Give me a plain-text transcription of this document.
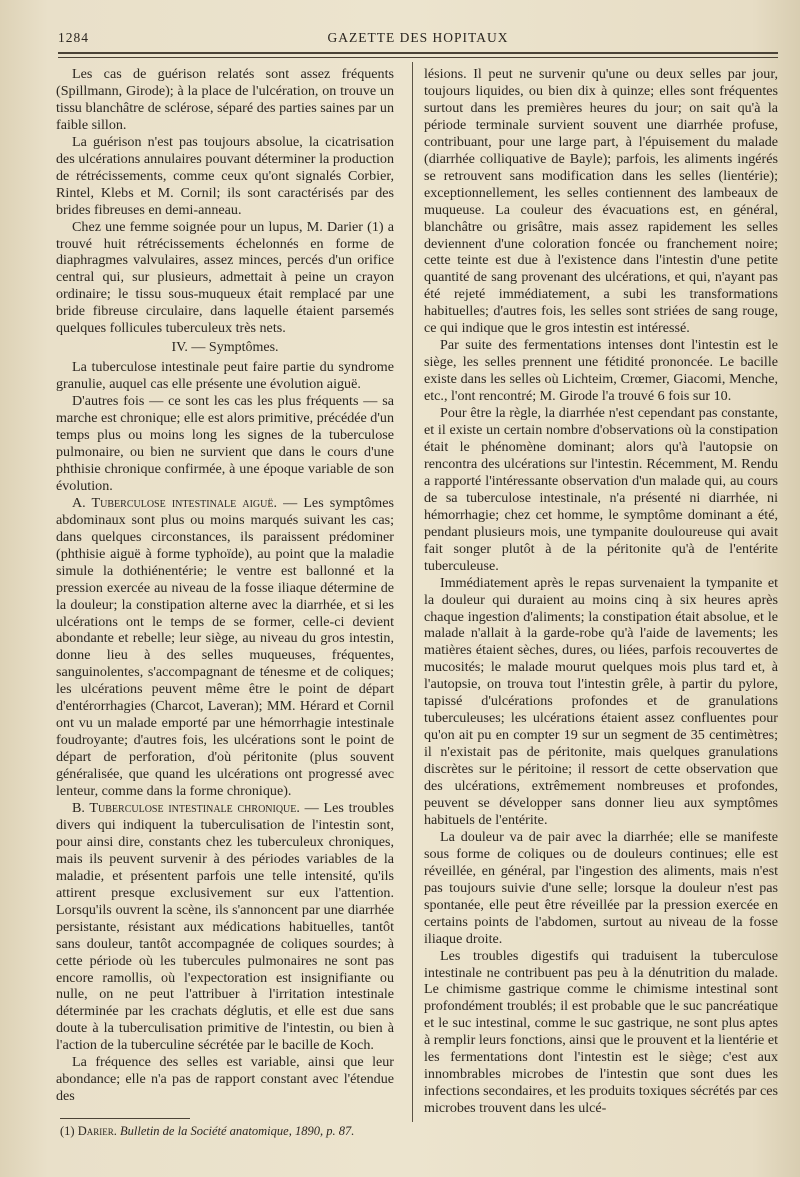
1284	GAZETTE DES HOPITAUX

Les cas de guérison relatés sont assez fréquents (Spillmann, Girode); à la place de l'ulcération, on trouve un tissu blanchâtre de sclérose, séparé des parties saines par un faible sillon.

La guérison n'est pas toujours absolue, la cicatrisation des ulcérations annulaires pouvant déterminer la production de rétrécissements, comme ceux qu'ont signalés Corbier, Rintel, Klebs et M. Cornil; ils sont caractérisés par des brides fibreuses en demi-anneau.

Chez une femme soignée pour un lupus, M. Darier (1) a trouvé huit rétrécissements échelonnés en forme de diaphragmes valvulaires, assez minces, percés d'un orifice central qui, sur plusieurs, admettait à peine un crayon ordinaire; le tissu sous-muqueux était remplacé par une bride fibreuse circulaire, dans laquelle étaient parsemés quelques follicules tuberculeux très nets.

IV. — Symptômes.

La tuberculose intestinale peut faire partie du syndrome granulie, auquel cas elle présente une évolution aiguë.

D'autres fois — ce sont les cas les plus fréquents — sa marche est chronique; elle est alors primitive, précédée d'un temps plus ou moins long les signes de la tuberculose pulmonaire, ou bien ne survient que dans le cours d'une phthisie chronique confirmée, à une époque variable de son évolution.

A. Tuberculose intestinale aiguë. — Les symptômes abdominaux sont plus ou moins marqués suivant les cas; dans quelques circonstances, ils paraissent prédominer (phthisie aiguë à forme typhoïde), au point que la maladie simule la dothiénentérie; le ventre est ballonné et la pression exercée au niveau de la fosse iliaque détermine de la douleur; la constipation alterne avec la diarrhée, et si les ulcérations ont le temps de se former, celle-ci devient abondante et rebelle; leur siège, au niveau du gros intestin, donne lieu à des selles muqueuses, fréquentes, sanguinolentes, s'accompagnant de ténesme et de coliques; les ulcérations peuvent même être le point de départ d'entérorrhagies (Charcot, Laveran); MM. Hérard et Cornil ont vu un malade emporté par une hémorrhagie intestinale foudroyante; d'autres fois, les ulcérations sont le point de départ de perforation, d'où péritonite (plus souvent généralisée, que quand les ulcérations ont progressé avec lenteur, comme dans la forme chronique).

B. Tuberculose intestinale chronique. — Les troubles divers qui indiquent la tuberculisation de l'intestin sont, pour ainsi dire, constants chez les tuberculeux chroniques, mais ils peuvent survenir à des périodes variables de la maladie, et présentent parfois une telle intensité, qu'ils attirent presque exclusivement sur eux l'attention. Lorsqu'ils ouvrent la scène, ils s'annoncent par une diarrhée persistante, résistant aux médications habituelles, tantôt sans douleur, tantôt accompagnée de coliques sourdes; à cette période où les tubercules pulmonaires ne sont pas encore ramollis, où l'expectoration est insignifiante ou nulle, on ne peut l'attribuer à l'irritation intestinale déterminée par les crachats déglutis, et elle est due sans doute à la tuberculisation primitive de l'intestin, ou bien à l'action de la tuberculine sécrétée par le bacille de Koch.

La fréquence des selles est variable, ainsi que leur abondance; elle n'a pas de rapport constant avec l'étendue des

lésions. Il peut ne survenir qu'une ou deux selles par jour, toujours liquides, ou bien dix à quinze; elles sont fréquentes surtout dans les premières heures du jour; on sait qu'à la période terminale survient souvent une diarrhée profuse, contribuant, pour une large part, à l'épuisement du malade (diarrhée colliquative de Bayle); parfois, les aliments ingérés se retrouvent sans modification dans les selles (lientérie); exceptionnellement, les selles contiennent des lambeaux de muqueuse. La couleur des évacuations est, en général, blanchâtre ou grisâtre, mais assez rapidement les selles deviennent d'une coloration foncée ou franchement noire; cette teinte est due à l'existence dans l'intestin d'une petite quantité de sang provenant des ulcérations, et qui, n'ayant pas été rejeté immédiatement, a subi les transformations habituelles; d'autres fois, les selles sont striées de sang rouge, ce qui indique que le gros intestin est intéressé.

Par suite des fermentations intenses dont l'intestin est le siège, les selles prennent une fétidité prononcée. Le bacille existe dans les selles où Lichteim, Crœmer, Giacomi, Menche, etc., l'ont rencontré; M. Girode l'a trouvé 6 fois sur 10.

Pour être la règle, la diarrhée n'est cependant pas constante, et il existe un certain nombre d'observations où la constipation était le phénomène dominant; alors qu'à l'autopsie on rencontra des ulcérations sur l'intestin. Récemment, M. Rendu a rapporté l'intéressante observation d'un malade qui, au cours de sa tuberculose intestinale, n'a présenté ni diarrhée, ni hémorrhagie; chez cet homme, le symptôme dominant a été, pendant plusieurs mois, une tympanite douloureuse qui avait fait songer plutôt à de la péritonite qu'à de l'entérite tuberculeuse.

Immédiatement après le repas survenaient la tympanite et la douleur qui duraient au moins cinq à six heures après chaque ingestion d'aliments; la constipation était absolue, et le malade n'allait à la garde-robe qu'à l'aide de lavements; les matières étaient sèches, dures, ou liées, parfois recouvertes de mucosités; le malade mourut quelques mois plus tard et, à l'autopsie, on trouva tout l'intestin grêle, à partir du pylore, tapissé d'ulcérations profondes et de granulations tuberculeuses; les ulcérations étaient assez confluentes pour qu'on ait pu en compter 19 sur un segment de 35 centimètres; il n'existait pas de péritonite, mais quelques granulations discrètes sur le péritoine; il ressort de cette observation que des ulcérations, extrêmement nombreuses et profondes, peuvent se développer sans donner lieu aux symptômes habituels de l'entérite.

La douleur va de pair avec la diarrhée; elle se manifeste sous forme de coliques ou de douleurs continues; elle est réveillée, en général, par l'ingestion des aliments, mais n'est pas toujours suivie d'une selle; lorsque la douleur n'est pas spontanée, elle peut être réveillée par la pression exercée en certains points de l'abdomen, surtout au niveau de la fosse iliaque droite.

Les troubles digestifs qui traduisent la tuberculose intestinale ne contribuent pas peu à la dénutrition du malade. Le chimisme gastrique comme le chimisme intestinal sont profondément troublés; il est probable que le suc pancréatique et le suc intestinal, comme le suc gastrique, ne sont plus aptes à remplir leurs fonctions, ainsi que le prouvent et la lientérie et les fermentations dont l'intestin est le siège; c'est aux innombrables microbes de l'intestin que sont dues les infections secondaires, et les produits toxiques sécrétés par ces microbes trouvent dans les ulcé-

(1) Darier. Bulletin de la Société anatomique, 1890, p. 87.
